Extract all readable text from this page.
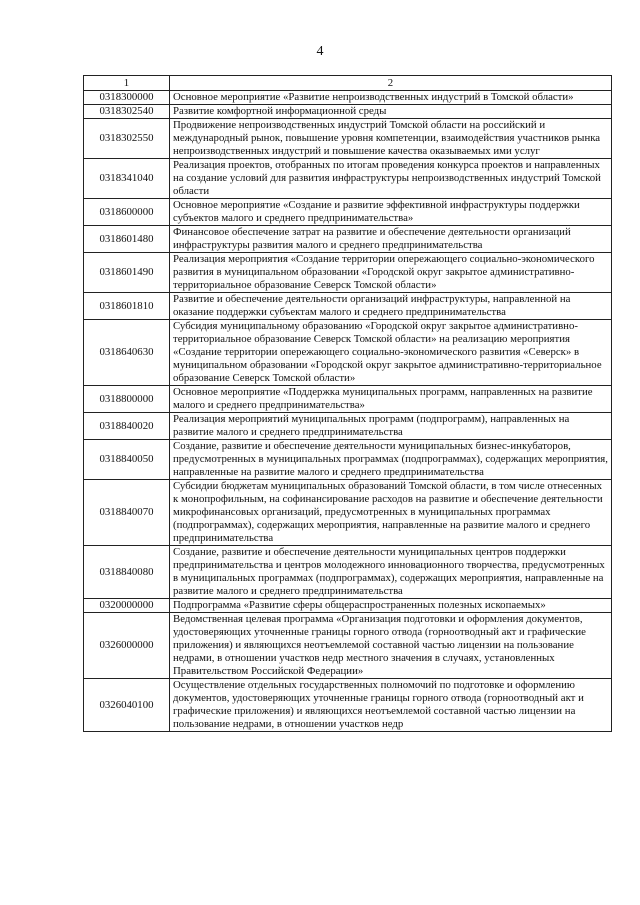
4
1	2
0318300000	Основное мероприятие «Развитие непроизводственных индустрий в Томской области»
0318302540	Развитие комфортной информационной среды
0318302550	Продвижение непроизводственных индустрий Томской области на российский и международный рынок, повышение уровня компетенции, взаимодействия участников рынка непроизводственных индустрий и повышение качества оказываемых ими услуг
0318341040	Реализация проектов, отобранных по итогам проведения конкурса проектов и направленных на создание условий для развития инфраструктуры непроизводственных индустрий Томской области
0318600000	Основное мероприятие «Создание и развитие эффективной инфраструктуры поддержки субъектов малого и среднего предпринимательства»
0318601480	Финансовое обеспечение затрат на развитие и обеспечение деятельности организаций инфраструктуры развития малого и среднего предпринимательства
0318601490	Реализация мероприятия «Создание территории опережающего социально-экономического развития в муниципальном образовании «Городской округ закрытое административно-территориальное образование Северск Томской области»
0318601810	Развитие и обеспечение деятельности организаций инфраструктуры, направленной на оказание поддержки субъектам малого и среднего предпринимательства
0318640630	Субсидия муниципальному образованию «Городской округ закрытое административно-территориальное образование Северск Томской области» на реализацию мероприятия «Создание территории опережающего социально-экономического развития «Северск» в муниципальном образовании «Городской округ закрытое административно-территориальное образование Северск Томской области»
0318800000	Основное мероприятие «Поддержка муниципальных программ, направленных на развитие малого и среднего предпринимательства»
0318840020	Реализация мероприятий муниципальных программ (подпрограмм), направленных на развитие малого и среднего предпринимательства
0318840050	Создание, развитие и обеспечение деятельности муниципальных бизнес-инкубаторов, предусмотренных в муниципальных программах (подпрограммах), содержащих мероприятия, направленные на развитие малого и среднего предпринимательства
0318840070	Субсидии бюджетам муниципальных образований Томской области, в том числе отнесенных к монопрофильным, на софинансирование расходов на развитие и обеспечение деятельности микрофинансовых организаций, предусмотренных в муниципальных программах (подпрограммах), содержащих мероприятия, направленные на развитие малого и среднего предпринимательства
0318840080	Создание, развитие и обеспечение деятельности муниципальных центров поддержки предпринимательства и центров молодежного инновационного творчества, предусмотренных в муниципальных программах (подпрограммах), содержащих мероприятия, направленные на развитие малого и среднего предпринимательства
0320000000	Подпрограмма «Развитие сферы общераспространенных полезных ископаемых»
0326000000	Ведомственная целевая программа «Организация подготовки и оформления документов, удостоверяющих уточненные границы горного отвода (горноотводный акт и графические приложения) и являющихся неотъемлемой составной частью лицензии на пользование недрами, в отношении участков недр местного значения в случаях, установленных Правительством Российской Федерации»
0326040100	Осуществление отдельных государственных полномочий по подготовке и оформлению документов, удостоверяющих уточненные границы горного отвода (горноотводный акт и графические приложения) и являющихся неотъемлемой составной частью лицензии на пользование недрами, в отношении участков недр
